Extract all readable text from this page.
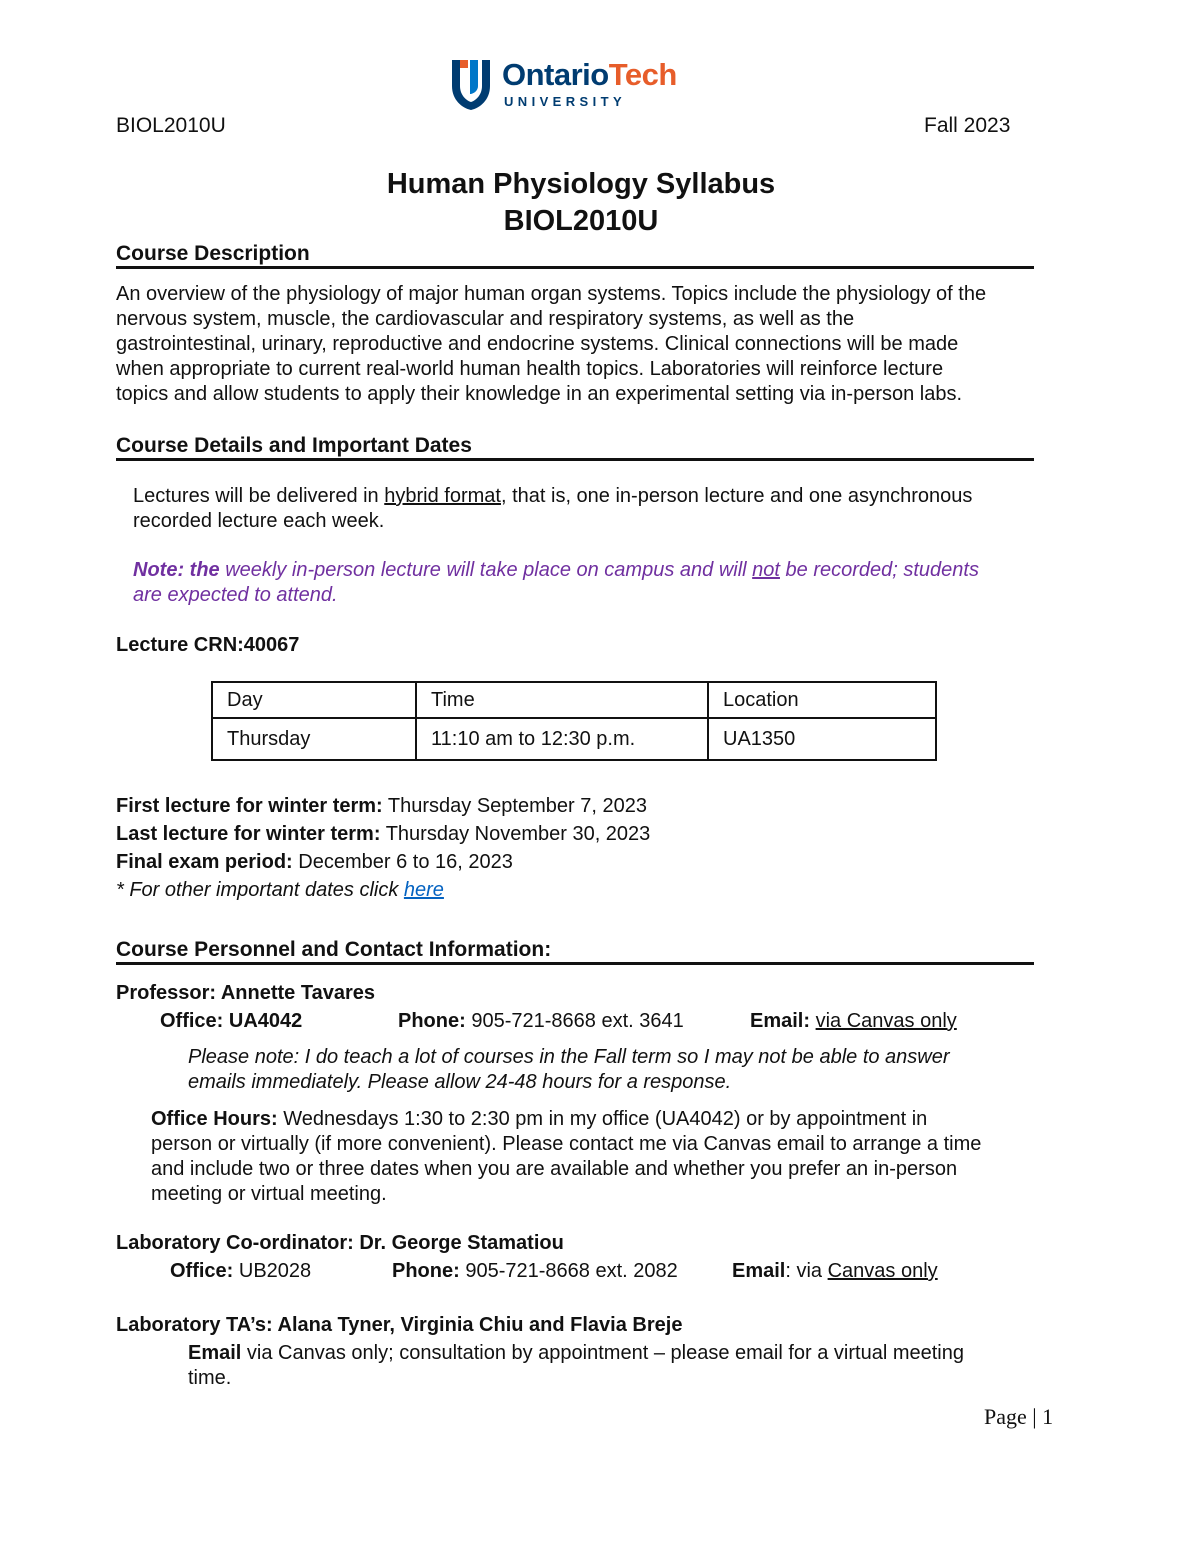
OntarioTech
UNIVERSITY
BIOL2010U	Fall 2023
Human Physiology Syllabus
BIOL2010U
Course Description
An overview of the physiology of major human organ systems. Topics include the physiology of the
nervous system, muscle, the cardiovascular and respiratory systems, as well as the
gastrointestinal, urinary, reproductive and endocrine systems. Clinical connections will be made
when appropriate to current real-world human health topics. Laboratories will reinforce lecture
topics and allow students to apply their knowledge in an experimental setting via in-person labs.
Course Details and Important Dates
Lectures will be delivered in hybrid format, that is, one in-person lecture and one asynchronous
recorded lecture each week.
Note: the weekly in-person lecture will take place on campus and will not be recorded; students
are expected to attend.
Lecture CRN:40067
Day	Time	Location
Thursday	11:10 am to 12:30 p.m.	UA1350
First lecture for winter term: Thursday September 7, 2023
Last lecture for winter term: Thursday November 30, 2023
Final exam period: December 6 to 16, 2023
* For other important dates click here
Course Personnel and Contact Information:
Professor: Annette Tavares
Office: UA4042	Phone: 905-721-8668 ext. 3641	Email: via Canvas only
Please note: I do teach a lot of courses in the Fall term so I may not be able to answer
emails immediately. Please allow 24-48 hours for a response.
Office Hours: Wednesdays 1:30 to 2:30 pm in my office (UA4042) or by appointment in
person or virtually (if more convenient). Please contact me via Canvas email to arrange a time
and include two or three dates when you are available and whether you prefer an in-person
meeting or virtual meeting.
Laboratory Co-ordinator: Dr. George Stamatiou
Office: UB2028	Phone: 905-721-8668 ext. 2082	Email: via Canvas only
Laboratory TA’s: Alana Tyner, Virginia Chiu and Flavia Breje
Email via Canvas only; consultation by appointment – please email for a virtual meeting
time.
Page | 1
